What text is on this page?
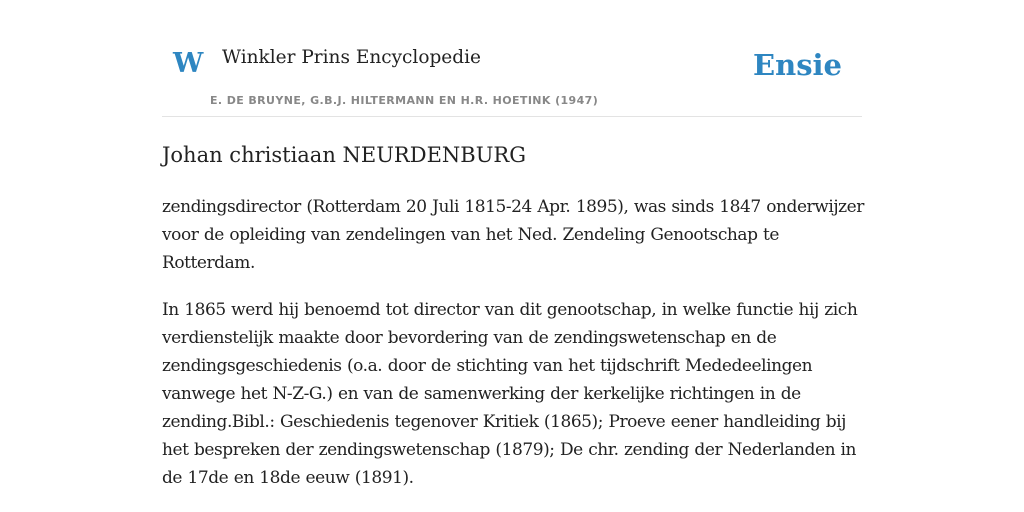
W Winkler Prins Encyclopedie
E. DE BRUYNE, G.B.J. HILTERMANN EN H.R. HOETINK (1947)
Ensie
Johan christiaan NEURDENBURG

zendingsdirector (Rotterdam 20 Juli 1815-24 Apr. 1895), was sinds 1847 onderwijzer voor de opleiding van zendelingen van het Ned. Zendeling Genootschap te Rotterdam.

In 1865 werd hij benoemd tot director van dit genootschap, in welke functie hij zich verdienstelijk maakte door bevordering van de zendingswetenschap en de zendingsgeschiedenis (o.a. door de stichting van het tijdschrift Mededeelingen vanwege het N-Z-G.) en van de samenwerking der kerkelijke richtingen in de zending.Bibl.: Geschiedenis tegenover Kritiek (1865); Proeve eener handleiding bij het bespreken der zendingswetenschap (1879); De chr. zending der Nederlanden in de 17de en 18de eeuw (1891).
